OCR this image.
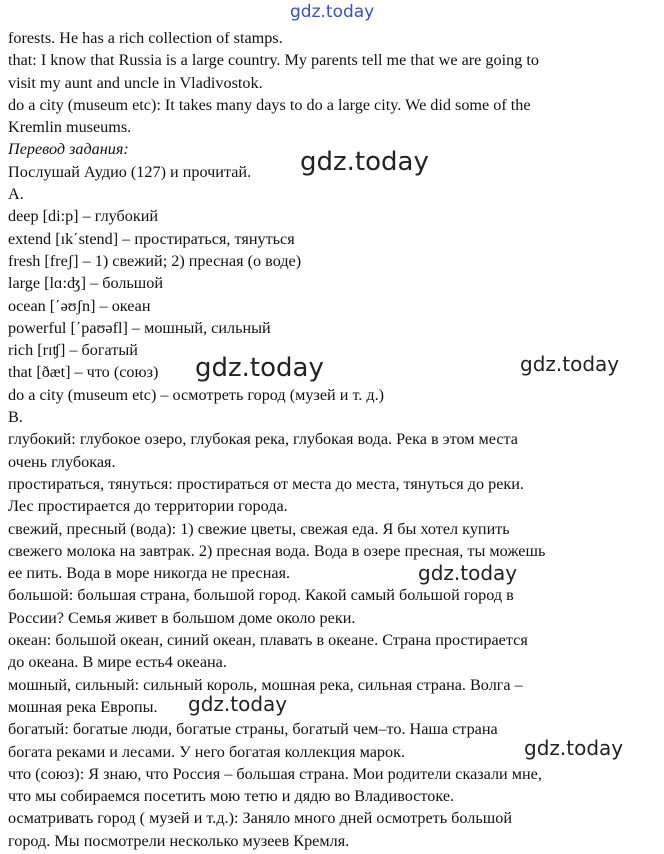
gdz.today
forests. He has a rich collection of stamps.
that: I know that Russia is a large country. My parents tell me that we are going to
visit my aunt and uncle in Vladivostok.
do a city (museum etc): It takes many days to do a large city. We did some of the
Kremlin museums.
Перевод задания:
Послушай Аудио (127) и прочитай.
A.
deep [di:p] – глубокий
extend [ɪk΄stend] – простираться, тянуться
fresh [freʃ] – 1) свежий; 2) пресная (о воде)
large [lɑ:ʤ] – большой
ocean [΄əʊʃn] – океан
powerful [΄paʊəfl] – мошный, сильный
rich [rɪʧ] – богатый
that [ðæt] – что (союз)
do a city (museum etc) – осмотреть город (музей и т. д.)
B.
глубокий: глубокое озеро, глубокая река, глубокая вода. Река в этом места
очень глубокая.
простираться, тянуться: простираться от места до места, тянуться до реки.
Лес простирается до территории города.
свежий, пресный (вода): 1) свежие цветы, свежая еда. Я бы хотел купить
свежего молока на завтрак. 2) пресная вода. Вода в озере пресная, ты можешь
ее пить. Вода в море никогда не пресная.
большой: большая страна, большой город. Какой самый большой город в
России? Семья живет в большом доме около реки.
океан: большой океан, синий океан, плавать в океане. Страна простирается
до океана. В мире есть4 океана.
мошный, сильный: сильный король, мошная река, сильная страна. Волга –
мошная река Европы.
богатый: богатые люди, богатые страны, богатый чем–то. Наша страна
богата реками и лесами. У него богатая коллекция марок.
что (союз): Я знаю, что Россия – большая страна. Мои родители сказали мне,
что мы собираемся посетить мою тетю и дядю во Владивостоке.
осматривать город ( музей и т.д.): Заняло много дней осмотреть большой
город. Мы посмотрели несколько музеев Кремля.
gdz.today
gdz.today	gdz.today
gdz.today
gdz.today
gdz.today
